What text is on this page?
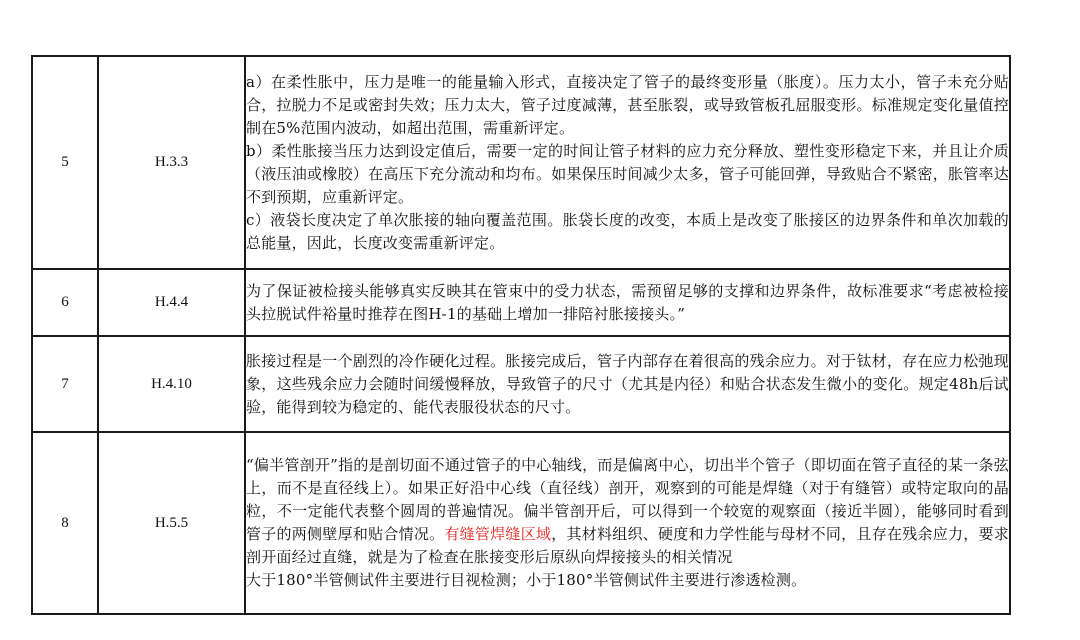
5	H.3.3	a）在柔性胀中，压力是唯一的能量输入形式，直接决定了管子的最终变形量（胀度）。压力太小，管子未充分贴合，拉脱力不足或密封失效；压力太大，管子过度减薄，甚至胀裂，或导致管板孔屈服变形。标准规定变化量值控制在5%范围内波动，如超出范围，需重新评定。
b）柔性胀接当压力达到设定值后，需要一定的时间让管子材料的应力充分释放、塑性变形稳定下来，并且让介质（液压油或橡胶）在高压下充分流动和均布。如果保压时间减少太多，管子可能回弹，导致贴合不紧密，胀管率达不到预期，应重新评定。
c）液袋长度决定了单次胀接的轴向覆盖范围。胀袋长度的改变，本质上是改变了胀接区的边界条件和单次加载的总能量，因此，长度改变需重新评定。

6	H.4.4	为了保证被检接头能够真实反映其在管束中的受力状态，需预留足够的支撑和边界条件，故标准要求“考虑被检接头拉脱试件裕量时推荐在图H-1的基础上增加一排陪衬胀接接头。”

7	H.4.10	胀接过程是一个剧烈的冷作硬化过程。胀接完成后，管子内部存在着很高的残余应力。对于钛材，存在应力松弛现象，这些残余应力会随时间缓慢释放，导致管子的尺寸（尤其是内径）和贴合状态发生微小的变化。规定48h后试验，能得到较为稳定的、能代表服役状态的尺寸。

8	H.5.5	“偏半管剖开”指的是剖切面不通过管子的中心轴线，而是偏离中心，切出半个管子（即切面在管子直径的某一条弦上，而不是直径线上）。如果正好沿中心线（直径线）剖开，观察到的可能是焊缝（对于有缝管）或特定取向的晶粒，不一定能代表整个圆周的普遍情况。偏半管剖开后，可以得到一个较宽的观察面（接近半圆），能够同时看到管子的两侧壁厚和贴合情况。有缝管焊缝区域，其材料组织、硬度和力学性能与母材不同，且存在残余应力，要求剖开面经过直缝，就是为了检查在胀接变形后原纵向焊接接头的相关情况
大于180°半管侧试件主要进行目视检测；小于180°半管侧试件主要进行渗透检测。
